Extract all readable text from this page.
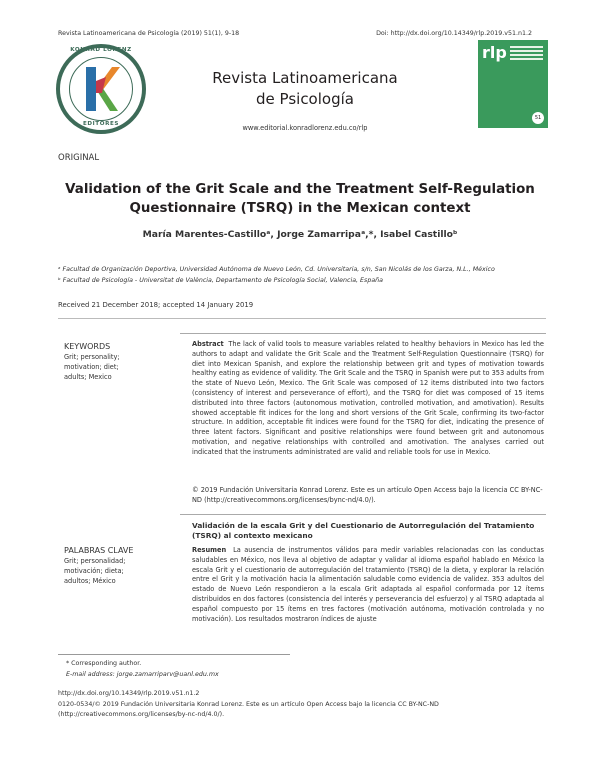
Revista Latinoamericana de Psicología (2019) 51(1), 9-18	Doi: http://dx.doi.org/10.14349/rlp.2019.v51.n1.2
KONRAD LORENZ
EDITORES
Revista Latinoamericana
de Psicología
www.editorial.konradlorenz.edu.co/rlp
rlp
51
ORIGINAL
Validation of the Grit Scale and the Treatment Self-Regulation Questionnaire (TSRQ) in the Mexican context
María Marentes-Castilloᵃ, Jorge Zamarripaᵃ,*, Isabel Castilloᵇ
ᵃ Facultad de Organización Deportiva, Universidad Autónoma de Nuevo León, Cd. Universitaria, s/n, San Nicolás de los Garza, N.L., México
ᵇ Facultad de Psicología - Universitat de València, Departamento de Psicología Social, Valencia, España
Received 21 December 2018; accepted 14 January 2019
KEYWORDS
Grit; personality;
motivation; diet;
adults; Mexico
Abstract The lack of valid tools to measure variables related to healthy behaviors in Mexico has led the authors to adapt and validate the Grit Scale and the Treatment Self-Regulation Questionnaire (TSRQ) for diet into Mexican Spanish, and explore the relationship between grit and types of motivation towards healthy eating as evidence of validity. The Grit Scale and the TSRQ in Spanish were put to 353 adults from the state of Nuevo León, Mexico. The Grit Scale was composed of 12 items distributed into two factors (consistency of interest and perseverance of effort), and the TSRQ for diet was composed of 15 items distributed into three factors (autonomous motivation, controlled motivation, and amotivation). Results showed acceptable fit indices for the long and short versions of the Grit Scale, confirming its two-factor structure. In addition, acceptable fit indices were found for the TSRQ for diet, indicating the presence of three latent factors. Significant and positive relationships were found between grit and autonomous motivation, and negative relationships with controlled and amotivation. The analyses carried out indicated that the instruments administrated are valid and reliable tools for use in Mexico.
© 2019 Fundación Universitaria Konrad Lorenz. Este es un artículo Open Access bajo la licencia CC BY-NC-ND (http://creativecommons.org/licenses/bync-nd/4.0/).
PALABRAS CLAVE
Grit; personalidad;
motivación; dieta;
adultos; México
Validación de la escala Grit y del Cuestionario de Autorregulación del Tratamiento (TSRQ) al contexto mexicano
Resumen La ausencia de instrumentos válidos para medir variables relacionadas con las conductas saludables en México, nos lleva al objetivo de adaptar y validar al idioma español hablado en México la escala Grit y el cuestionario de autorregulación del tratamiento (TSRQ) de la dieta, y explorar la relación entre el Grit y la motivación hacia la alimentación saludable como evidencia de validez. 353 adultos del estado de Nuevo León respondieron a la escala Grit adaptada al español conformada por 12 ítems distribuidos en dos factores (consistencia del interés y perseverancia del esfuerzo) y al TSRQ adaptada al español compuesto por 15 ítems en tres factores (motivación autónoma, motivación controlada y no motivación). Los resultados mostraron índices de ajuste
* Corresponding author.
E-mail address: jorge.zamarriparv@uanl.edu.mx
http://dx.doi.org/10.14349/rlp.2019.v51.n1.2
0120-0534/© 2019 Fundación Universitaria Konrad Lorenz. Este es un artículo Open Access bajo la licencia CC BY-NC-ND (http://creativecommons.org/licenses/by-nc-nd/4.0/).
